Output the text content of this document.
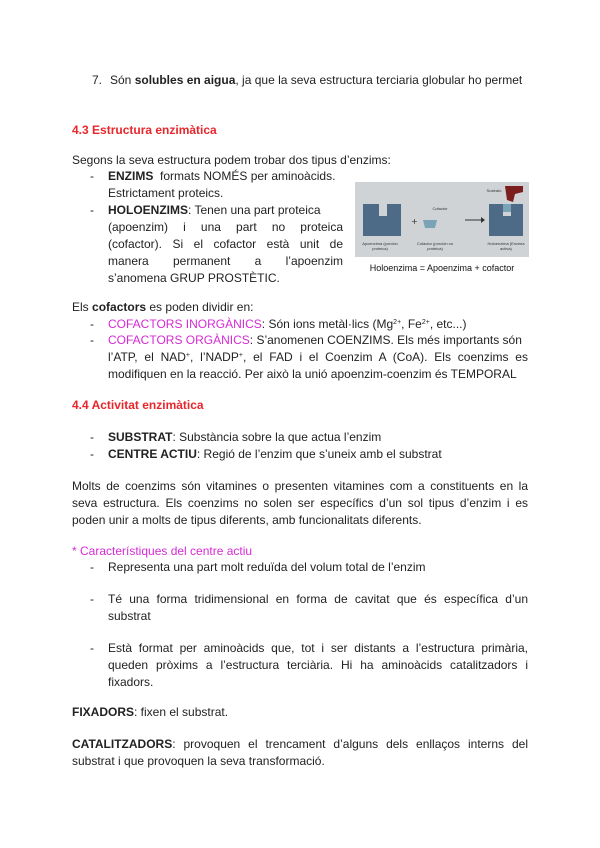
7. Són solubles en aigua, ja que la seva estructura terciaria globular ho permet
4.3 Estructura enzimàtica
Segons la seva estructura podem trobar dos tipus d’enzims:
- ENZIMS formats NOMÉS per aminoàcids.
Estrictament proteics.
- HOLOENZIMS: Tenen una part proteica
(apoenzim) i una part no proteica
(cofactor). Si el cofactor està unit de
manera permanent a l’apoenzim
s’anomena GRUP PROSTÈTIC.
+
Cofactor
Sustrato
Apoenzima (porción proteica)
Cofactor (porción no proteica)
Holoenzima (Enzima activa)
Holoenzima = Apoenzima + cofactor
Els cofactors es poden dividir en:
- COFACTORS INORGÀNICS: Són ions metàl·lics ($Mg^{2+}$, $Fe^{2+}$, etc...)
- COFACTORS ORGÀNICS: S’anomenen COENZIMS. Els més importants són
l’ATP, el NAD+, l’NADP+, el FAD i el Coenzim A (CoA). Els coenzims es
modifiquen en la reacció. Per això la unió apoenzim-coenzim és TEMPORAL
4.4 Activitat enzimàtica
- SUBSTRAT: Substància sobre la que actua l’enzim
- CENTRE ACTIU: Regió de l’enzim que s’uneix amb el substrat
Molts de coenzims són vitamines o presenten vitamines com a constituents en la seva estructura. Els coenzims no solen ser específics d’un sol tipus d’enzim i es poden unir a molts de tipus diferents, amb funcionalitats diferents.
* Característiques del centre actiu
- Representa una part molt reduïda del volum total de l’enzim
- Té una forma tridimensional en forma de cavitat que és específica d’un substrat
- Està format per aminoàcids que, tot i ser distants a l’estructura primària, queden pròxims a l’estructura terciària. Hi ha aminoàcids catalitzadors i fixadors.
FIXADORS: fixen el substrat.
CATALITZADORS: provoquen el trencament d’alguns dels enllaços interns del substrat i que provoquen la seva transformació.
